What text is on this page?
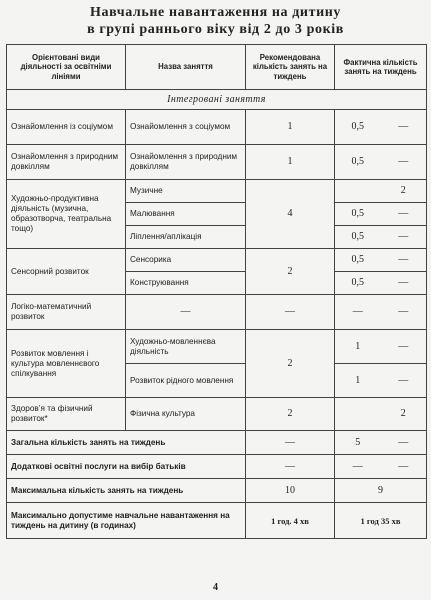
Навчальне навантаження на дитину
в групі раннього віку від 2 до 3 років
Орієнтовані види діяльності за освітніми лініями	Назва заняття	Рекомендована кількість занять на тиждень	Фактична кількість занять на тиждень	
Інтегровані заняття				
Ознайомлення із соціумом	Ознайомлення з соціумом	1	0,5	—
Ознайомлення з природним довкіллям	Ознайомлення з природним довкіллям	1	0,5	—
Художньо-продуктивна діяльність (музична, образотворча, театральна тощо)	Музичне	4		2
	Малювання		0,5	—
	Ліплення/аплікація		0,5	—
Сенсорний розвиток	Сенсорика	2	0,5	—
	Конструювання		0,5	—
Логіко-математичний розвиток	—	—	—	—
Розвиток мовлення і культура мовленнєвого спілкування	Художньо-мовленнєва діяльність	2	1	—
	Розвиток рідного мовлення		1	—
Здоров’я та фізичний розвиток*	Фізична культура	2		2
Загальна кількість занять на тиждень		—	5	—
Додаткові освітні послуги на вибір батьків		—	—	—
Максимальна кількість занять на тиждень		10	9	
Максимально допустиме навчальне навантаження на тиждень на дитину (в годинах)		1 год. 4 хв	1 год 35 хв	
4
